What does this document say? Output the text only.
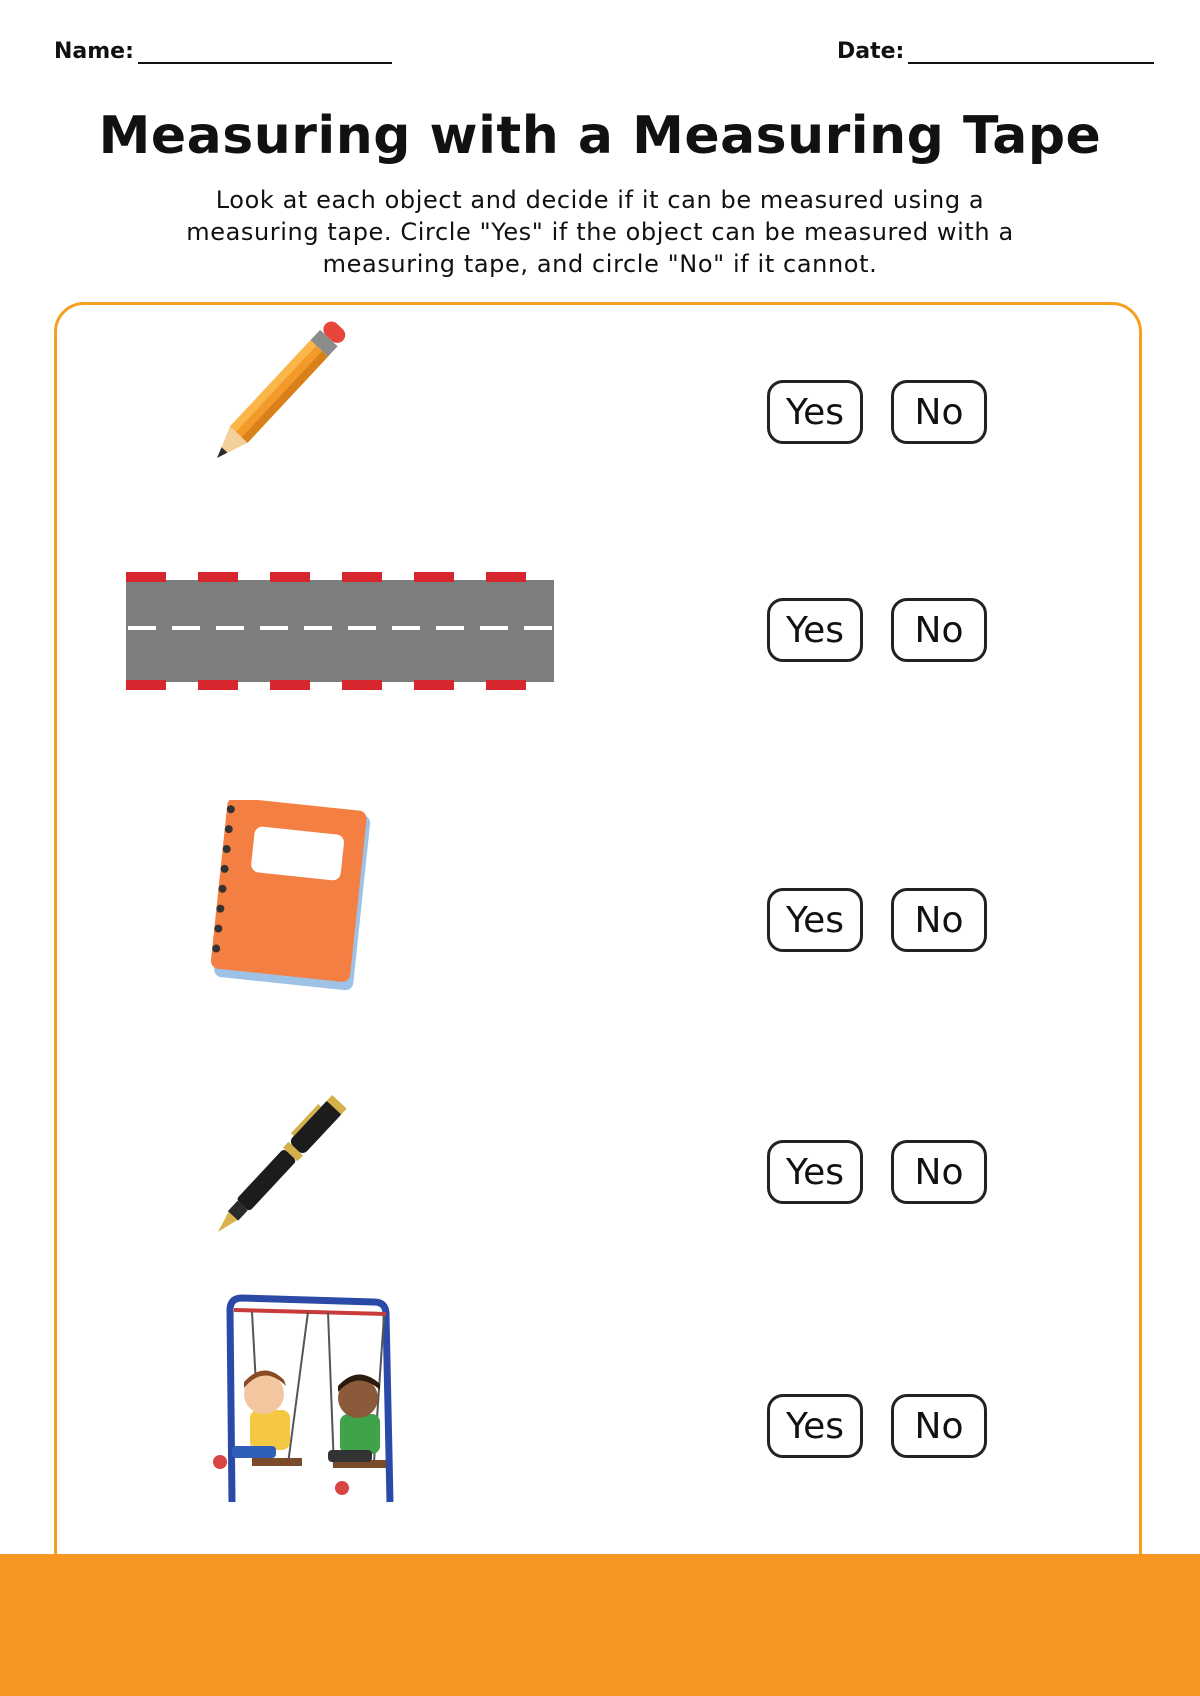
Name:	Date:
Measuring with a Measuring Tape

Look at each object and decide if it can be measured using a measuring tape. Circle "Yes" if the object can be measured with a measuring tape, and circle "No" if it cannot.

Yes	No
Yes	No
Yes	No
Yes	No
Yes	No
